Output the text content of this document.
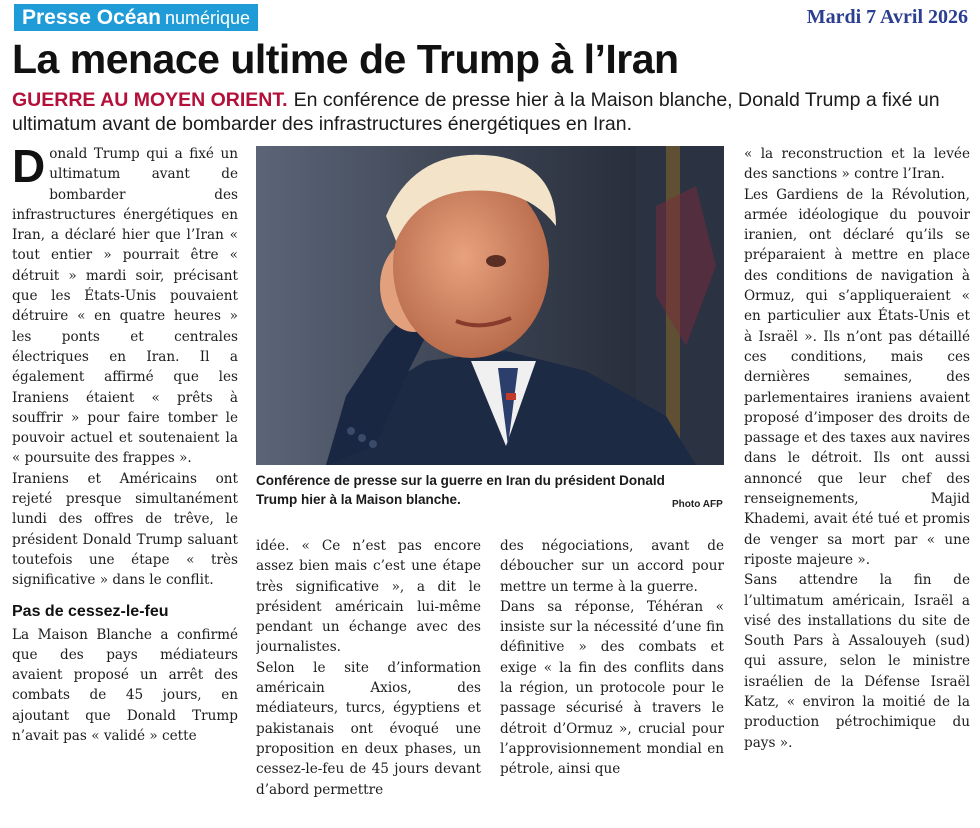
Presse Océan numérique	Mardi 7 Avril 2026
La menace ultime de Trump à l’Iran

GUERRE AU MOYEN ORIENT. En conférence de presse hier à la Maison blanche, Donald Trump a fixé un ultimatum avant de bombarder des infrastructures énergétiques en Iran.

Donald Trump qui a fixé un ultimatum avant de bombarder des infrastructures énergétiques en Iran, a déclaré hier que l’Iran « tout entier » pourrait être « détruit » mardi soir, précisant que les États-Unis pouvaient détruire « en quatre heures » les ponts et centrales électriques en Iran. Il a également affirmé que les Iraniens étaient « prêts à souffrir » pour faire tomber le pouvoir actuel et soutenaient la « poursuite des frappes ».

Iraniens et Américains ont rejeté presque simultanément lundi des offres de trêve, le président Donald Trump saluant toutefois une étape « très significative » dans le conflit.

Pas de cessez-le-feu

La Maison Blanche a confirmé que des pays médiateurs avaient proposé un arrêt des combats de 45 jours, en ajoutant que Donald Trump n’avait pas « validé » cette

Conférence de presse sur la guerre en Iran du président Donald Trump hier à la Maison blanche.	Photo AFP

idée. « Ce n’est pas encore assez bien mais c’est une étape très significative », a dit le président américain lui-même pendant un échange avec des journalistes.

Selon le site d’information américain Axios, des médiateurs, turcs, égyptiens et pakistanais ont évoqué une proposition en deux phases, un cessez-le-feu de 45 jours devant d’abord permettre

des négociations, avant de déboucher sur un accord pour mettre un terme à la guerre.

Dans sa réponse, Téhéran « insiste sur la nécessité d’une fin définitive » des combats et exige « la fin des conflits dans la région, un protocole pour le passage sécurisé à travers le détroit d’Ormuz », crucial pour l’approvisionnement mondial en pétrole, ainsi que

« la reconstruction et la levée des sanctions » contre l’Iran.

Les Gardiens de la Révolution, armée idéologique du pouvoir iranien, ont déclaré qu’ils se préparaient à mettre en place des conditions de navigation à Ormuz, qui s’appliqueraient « en particulier aux États-Unis et à Israël ». Ils n’ont pas détaillé ces conditions, mais ces dernières semaines, des parlementaires iraniens avaient proposé d’imposer des droits de passage et des taxes aux navires dans le détroit. Ils ont aussi annoncé que leur chef des renseignements, Majid Khademi, avait été tué et promis de venger sa mort par « une riposte majeure ».

Sans attendre la fin de l’ultimatum américain, Israël a visé des installations du site de South Pars à Assalouyeh (sud) qui assure, selon le ministre israélien de la Défense Israël Katz, « environ la moitié de la production pétrochimique du pays ».
